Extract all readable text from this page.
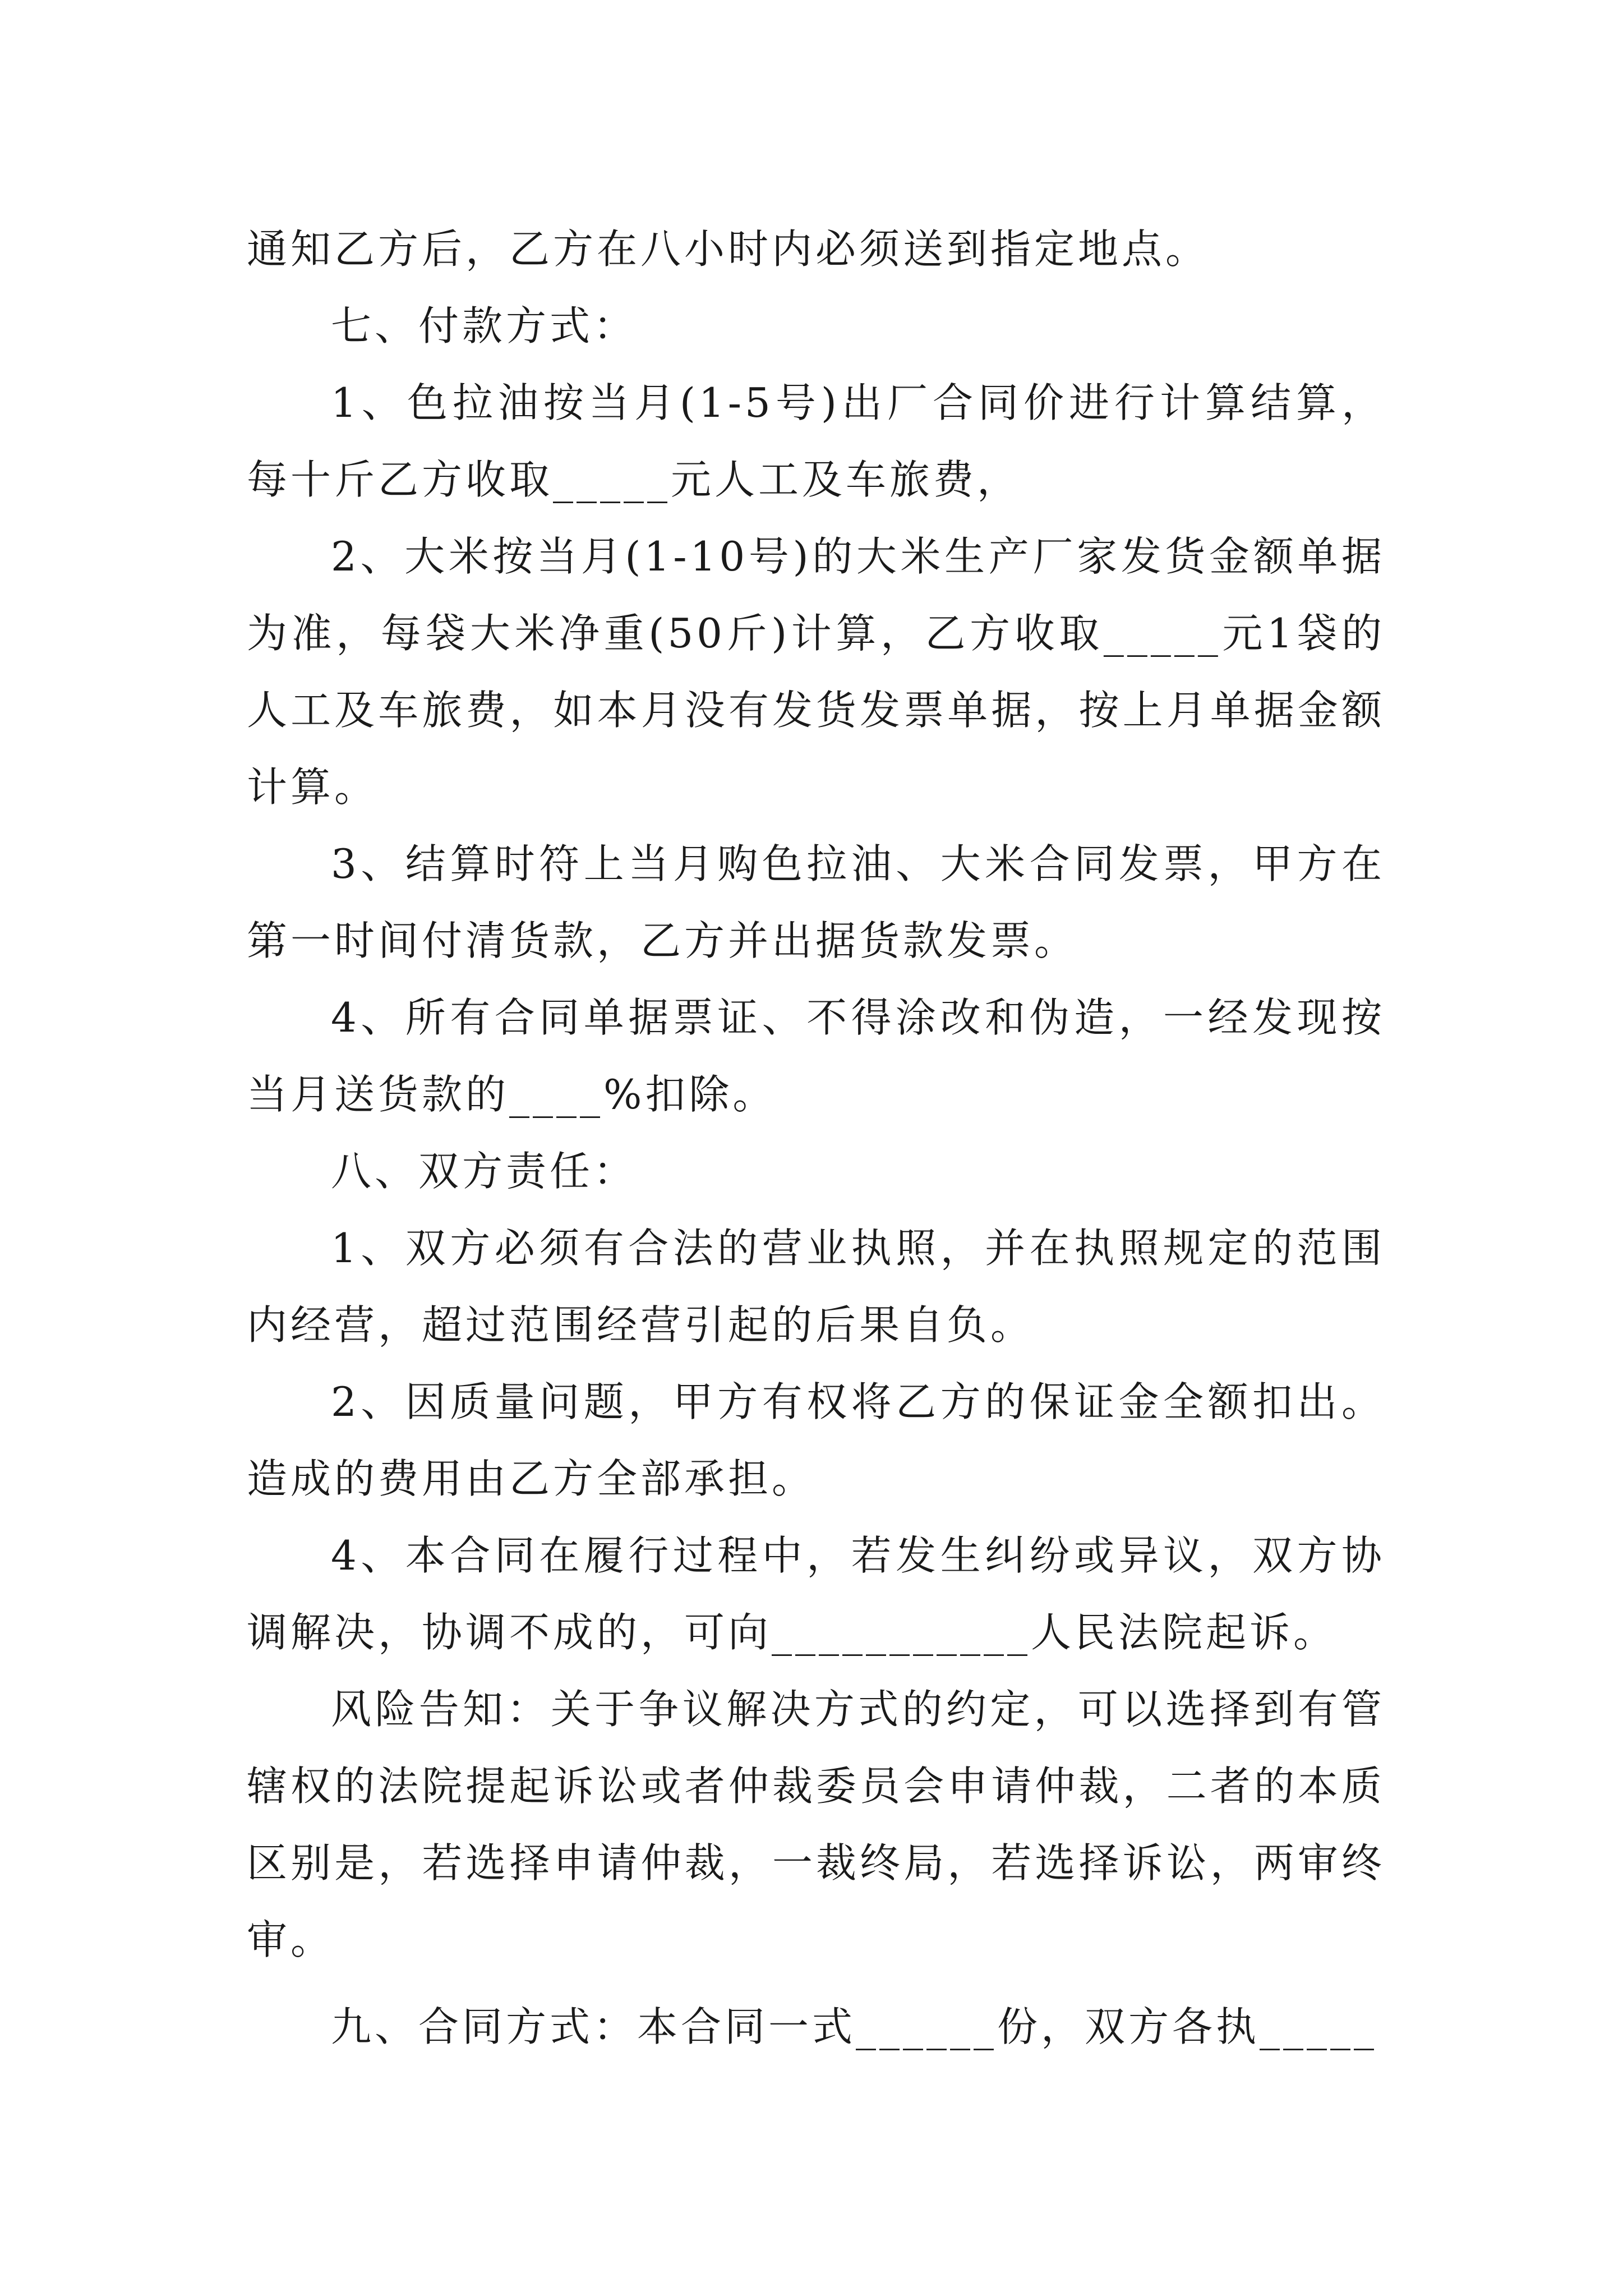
通知乙方后，乙方在八小时内必须送到指定地点。

七、付款方式：

1、色拉油按当月(1-5号)出厂合同价进行计算结算，每十斤乙方收取_____元人工及车旅费，

2、大米按当月(1-10号)的大米生产厂家发货金额单据为准，每袋大米净重(50斤)计算，乙方收取_____元1袋的人工及车旅费，如本月没有发货发票单据，按上月单据金额计算。

3、结算时符上当月购色拉油、大米合同发票，甲方在第一时间付清货款，乙方并出据货款发票。

4、所有合同单据票证、不得涂改和伪造，一经发现按当月送货款的____%扣除。

八、双方责任：

1、双方必须有合法的营业执照，并在执照规定的范围内经营，超过范围经营引起的后果自负。

2、因质量问题，甲方有权将乙方的保证金全额扣出。造成的费用由乙方全部承担。

4、本合同在履行过程中，若发生纠纷或异议，双方协调解决，协调不成的，可向___________人民法院起诉。

风险告知：关于争议解决方式的约定，可以选择到有管辖权的法院提起诉讼或者仲裁委员会申请仲裁，二者的本质区别是，若选择申请仲裁，一裁终局，若选择诉讼，两审终审。

九、合同方式：本合同一式______份，双方各执_____
